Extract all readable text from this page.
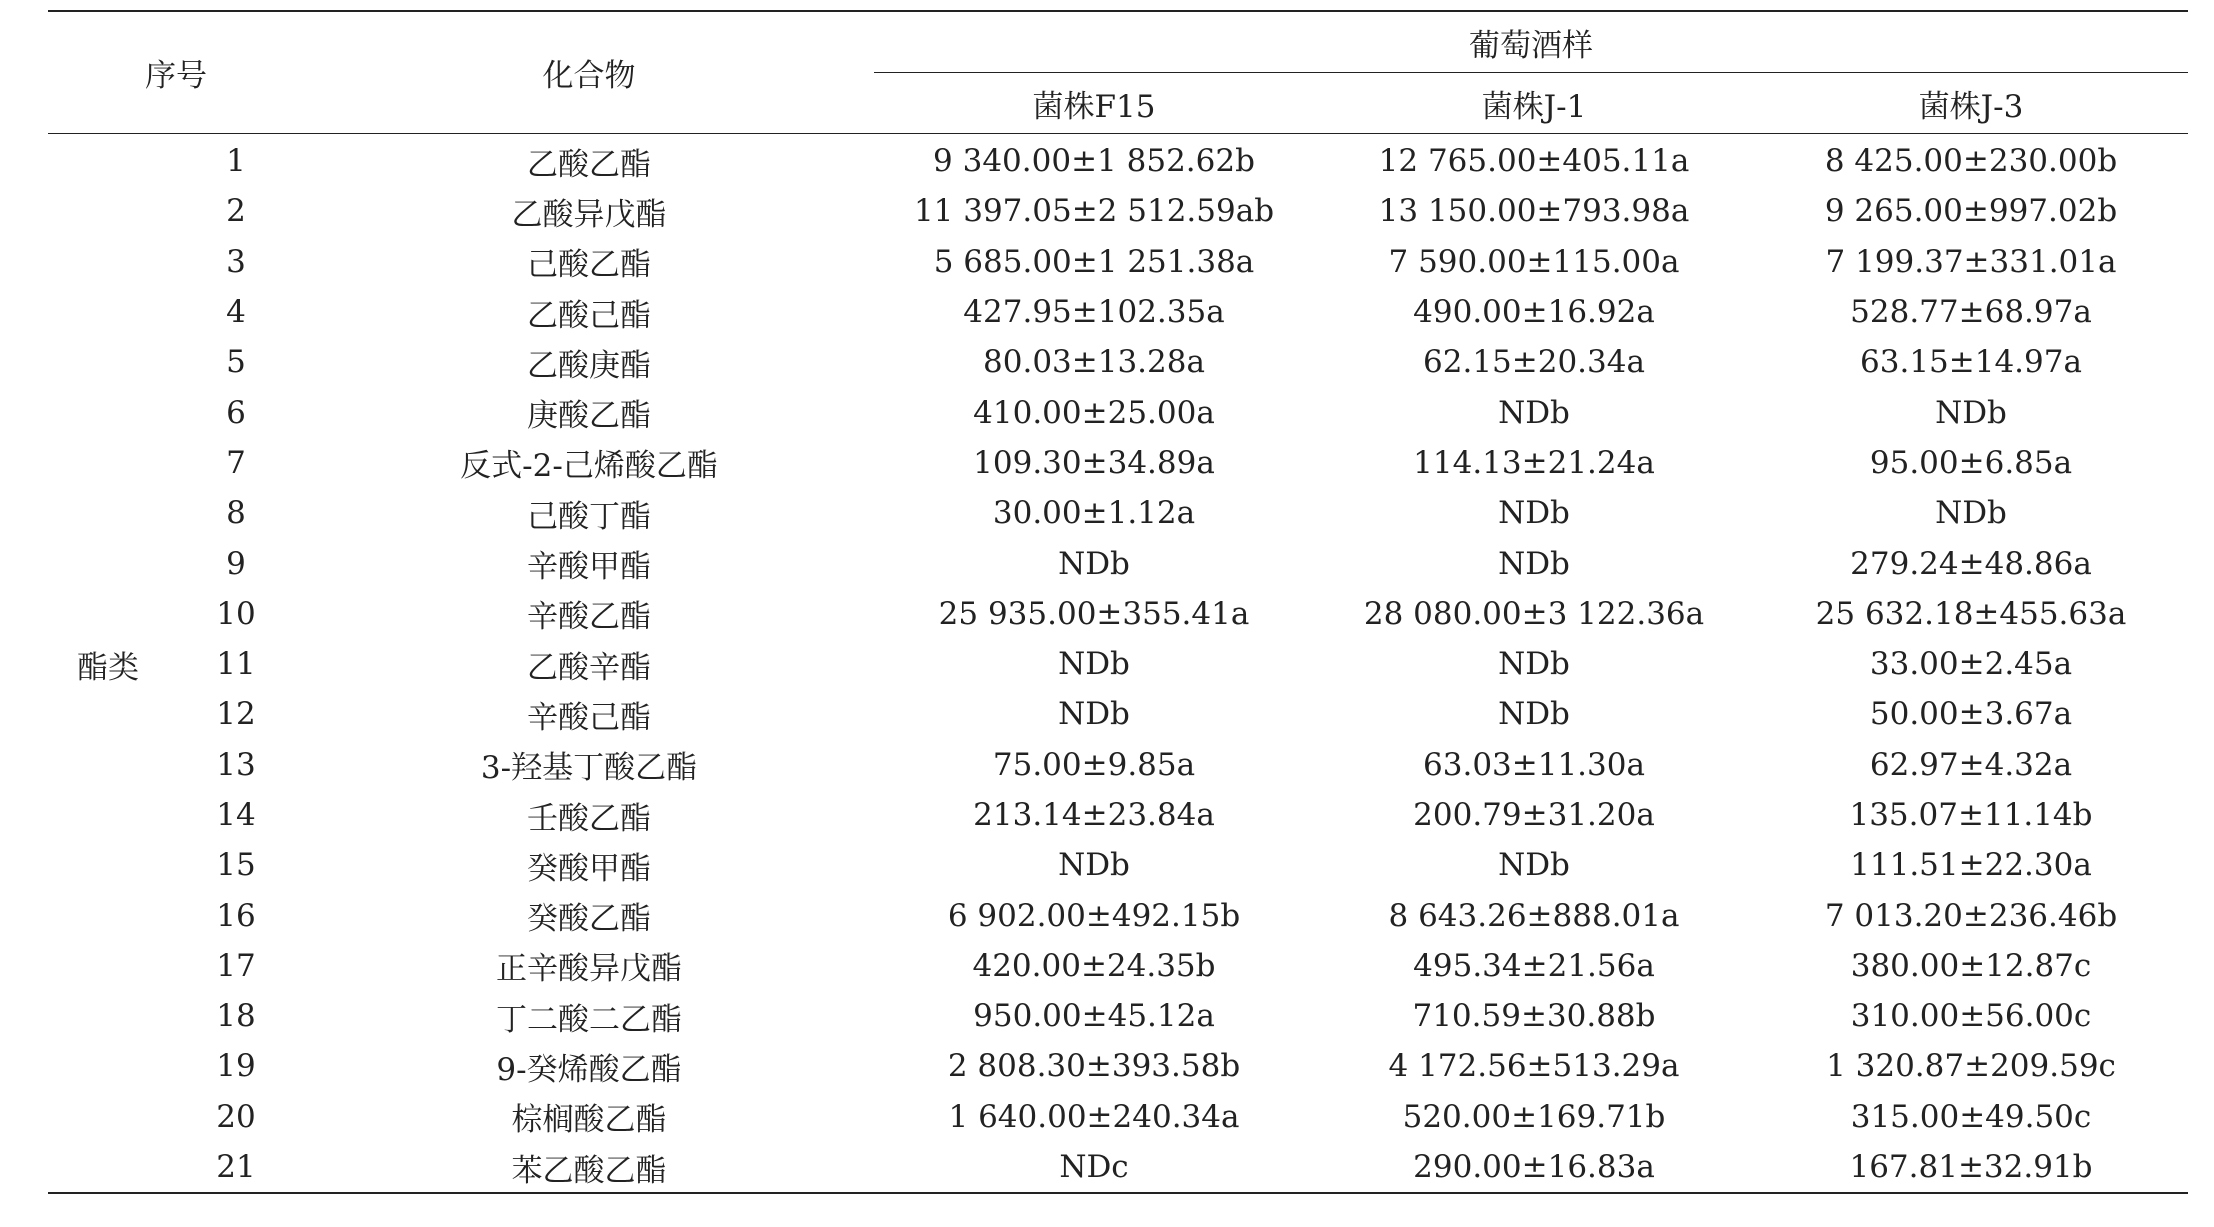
序号		化合物	葡萄酒样		
			菌株F15	菌株J-1	菌株J-3
酯类	1	乙酸乙酯	9 340.00±1 852.62b	12 765.00±405.11a	8 425.00±230.00b
	2	乙酸异戊酯	11 397.05±2 512.59ab	13 150.00±793.98a	9 265.00±997.02b
	3	己酸乙酯	5 685.00±1 251.38a	7 590.00±115.00a	7 199.37±331.01a
	4	乙酸己酯	427.95±102.35a	490.00±16.92a	528.77±68.97a
	5	乙酸庚酯	80.03±13.28a	62.15±20.34a	63.15±14.97a
	6	庚酸乙酯	410.00±25.00a	NDb	NDb
	7	反式-2-己烯酸乙酯	109.30±34.89a	114.13±21.24a	95.00±6.85a
	8	己酸丁酯	30.00±1.12a	NDb	NDb
	9	辛酸甲酯	NDb	NDb	279.24±48.86a
	10	辛酸乙酯	25 935.00±355.41a	28 080.00±3 122.36a	25 632.18±455.63a
	11	乙酸辛酯	NDb	NDb	33.00±2.45a
	12	辛酸己酯	NDb	NDb	50.00±3.67a
	13	3-羟基丁酸乙酯	75.00±9.85a	63.03±11.30a	62.97±4.32a
	14	壬酸乙酯	213.14±23.84a	200.79±31.20a	135.07±11.14b
	15	癸酸甲酯	NDb	NDb	111.51±22.30a
	16	癸酸乙酯	6 902.00±492.15b	8 643.26±888.01a	7 013.20±236.46b
	17	正辛酸异戊酯	420.00±24.35b	495.34±21.56a	380.00±12.87c
	18	丁二酸二乙酯	950.00±45.12a	710.59±30.88b	310.00±56.00c
	19	9-癸烯酸乙酯	2 808.30±393.58b	4 172.56±513.29a	1 320.87±209.59c
	20	棕榈酸乙酯	1 640.00±240.34a	520.00±169.71b	315.00±49.50c
	21	苯乙酸乙酯	NDc	290.00±16.83a	167.81±32.91b
